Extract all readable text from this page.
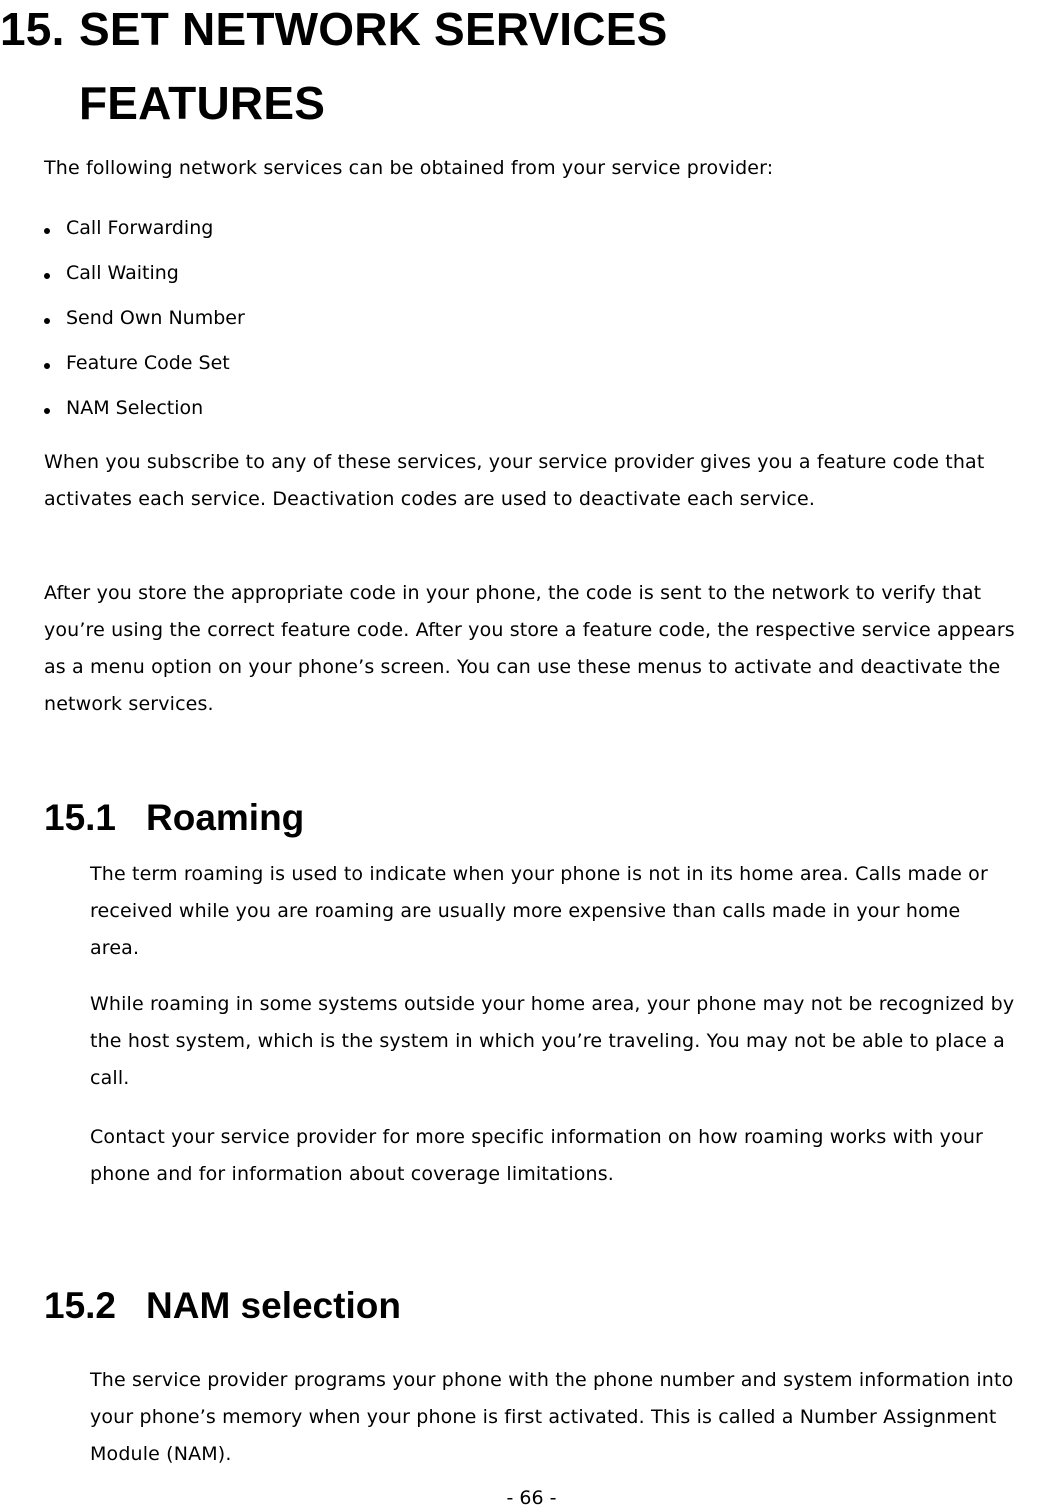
15. SET NETWORK SERVICES
FEATURES

The following network services can be obtained from your service provider:

Call Forwarding
Call Waiting
Send Own Number
Feature Code Set
NAM Selection

When you subscribe to any of these services, your service provider gives you a feature code that activates each service. Deactivation codes are used to deactivate each service.

After you store the appropriate code in your phone, the code is sent to the network to verify that you’re using the correct feature code. After you store a feature code, the respective service appears as a menu option on your phone’s screen. You can use these menus to activate and deactivate the network services.

15.1 Roaming

The term roaming is used to indicate when your phone is not in its home area. Calls made or received while you are roaming are usually more expensive than calls made in your home area.

While roaming in some systems outside your home area, your phone may not be recognized by the host system, which is the system in which you’re traveling. You may not be able to place a call.

Contact your service provider for more specific information on how roaming works with your phone and for information about coverage limitations.

15.2 NAM selection

The service provider programs your phone with the phone number and system information into your phone’s memory when your phone is first activated. This is called a Number Assignment Module (NAM).

- 66 -
